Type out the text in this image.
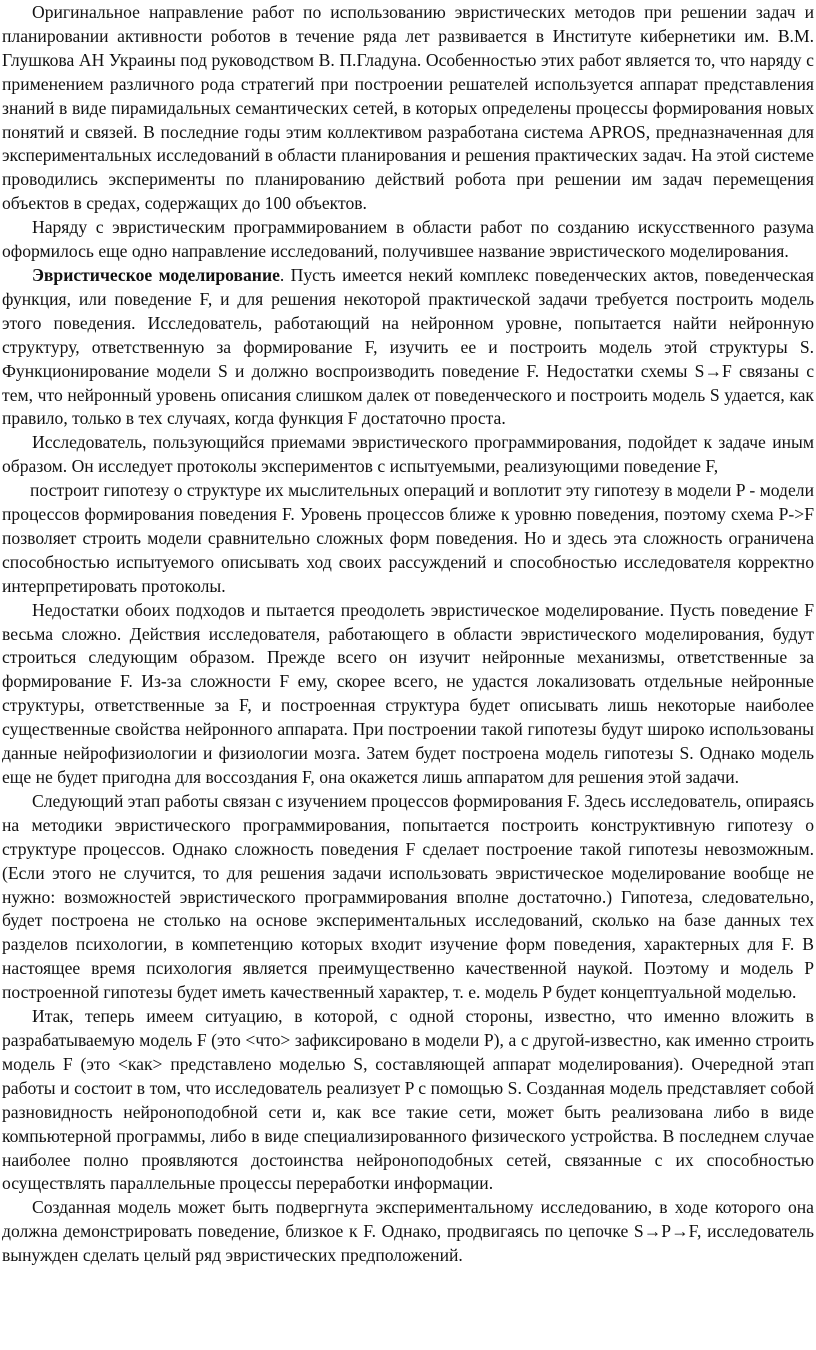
Оригинальное направление работ по использованию эвристических методов при решении задач и планировании активности роботов в течение ряда лет развивается в Институте кибернетики им. В.М. Глушкова АН Украины под руководством В. П.Гладуна. Особенностью этих работ является то, что наряду с применением различного рода стратегий при построении решателей используется аппарат представления знаний в виде пирамидальных семантических сетей, в которых определены процессы формирования новых понятий и связей. В последние годы этим коллективом разработана система APROS, предназначенная для экспериментальных исследований в области планирования и решения практических задач. На этой системе проводились эксперименты по планированию действий робота при решении им задач перемещения объектов в средах, содержащих до 100 объектов.

Наряду с эвристическим программированием в области работ по созданию искусственного разума оформилось еще одно направление исследований, получившее название эвристического моделирования.

Эвристическое моделирование. Пусть имеется некий комплекс поведенческих актов, поведенческая функция, или поведение F, и для решения некоторой практической задачи требуется построить модель этого поведения. Исследователь, работающий на нейронном уровне, попытается найти нейронную структуру, ответственную за формирование F, изучить ее и построить модель этой структуры S. Функционирование модели S и должно воспроизводить поведение F. Недостатки схемы S→F связаны с тем, что нейронный уровень описания слишком далек от поведенческого и построить модель S удается, как правило, только в тех случаях, когда функция F достаточно проста.

Исследователь, пользующийся приемами эвристического программирования, подойдет к задаче иным образом. Он исследует протоколы экспериментов с испытуемыми, реализующими поведение F,

построит гипотезу о структуре их мыслительных операций и воплотит эту гипотезу в модели P - модели процессов формирования поведения F. Уровень процессов ближе к уровню поведения, поэтому схема P->F позволяет строить модели сравнительно сложных форм поведения. Но и здесь эта сложность ограничена способностью испытуемого описывать ход своих рассуждений и способностью исследователя корректно интерпретировать протоколы.

Недостатки обоих подходов и пытается преодолеть эвристическое моделирование. Пусть поведение F весьма сложно. Действия исследователя, работающего в области эвристического моделирования, будут строиться следующим образом. Прежде всего он изучит нейронные механизмы, ответственные за формирование F. Из-за сложности F ему, скорее всего, не удастся локализовать отдельные нейронные структуры, ответственные за F, и построенная структура будет описывать лишь некоторые наиболее существенные свойства нейронного аппарата. При построении такой гипотезы будут широко использованы данные нейрофизиологии и физиологии мозга. Затем будет построена модель гипотезы S. Однако модель еще не будет пригодна для воссоздания F, она окажется лишь аппаратом для решения этой задачи.

Следующий этап работы связан с изучением процессов формирования F. Здесь исследователь, опираясь на методики эвристического программирования, попытается построить конструктивную гипотезу о структуре процессов. Однако сложность поведения F сделает построение такой гипотезы невозможным. (Если этого не случится, то для решения задачи использовать эвристическое моделирование вообще не нужно: возможностей эвристического программирования вполне достаточно.) Гипотеза, следовательно, будет построена не столько на основе экспериментальных исследований, сколько на базе данных тех разделов психологии, в компетенцию которых входит изучение форм поведения, характерных для F. В настоящее время психология является преимущественно качественной наукой. Поэтому и модель P построенной гипотезы будет иметь качественный характер, т. е. модель P будет концептуальной моделью.

Итак, теперь имеем ситуацию, в которой, с одной стороны, известно, что именно вложить в разрабатываемую модель F (это <что> зафиксировано в модели P), а с другой-известно, как именно строить модель F (это <как> представлено моделью S, составляющей аппарат моделирования). Очередной этап работы и состоит в том, что исследователь реализует P с помощью S. Созданная модель представляет собой разновидность нейроноподобной сети и, как все такие сети, может быть реализована либо в виде компьютерной программы, либо в виде специализированного физического устройства. В последнем случае наиболее полно проявляются достоинства нейроноподобных сетей, связанные с их способностью осуществлять параллельные процессы переработки информации.

Созданная модель может быть подвергнута экспериментальному исследованию, в ходе которого она должна демонстрировать поведение, близкое к F. Однако, продвигаясь по цепочке S→P→F, исследователь вынужден сделать целый ряд эвристических предположений.
